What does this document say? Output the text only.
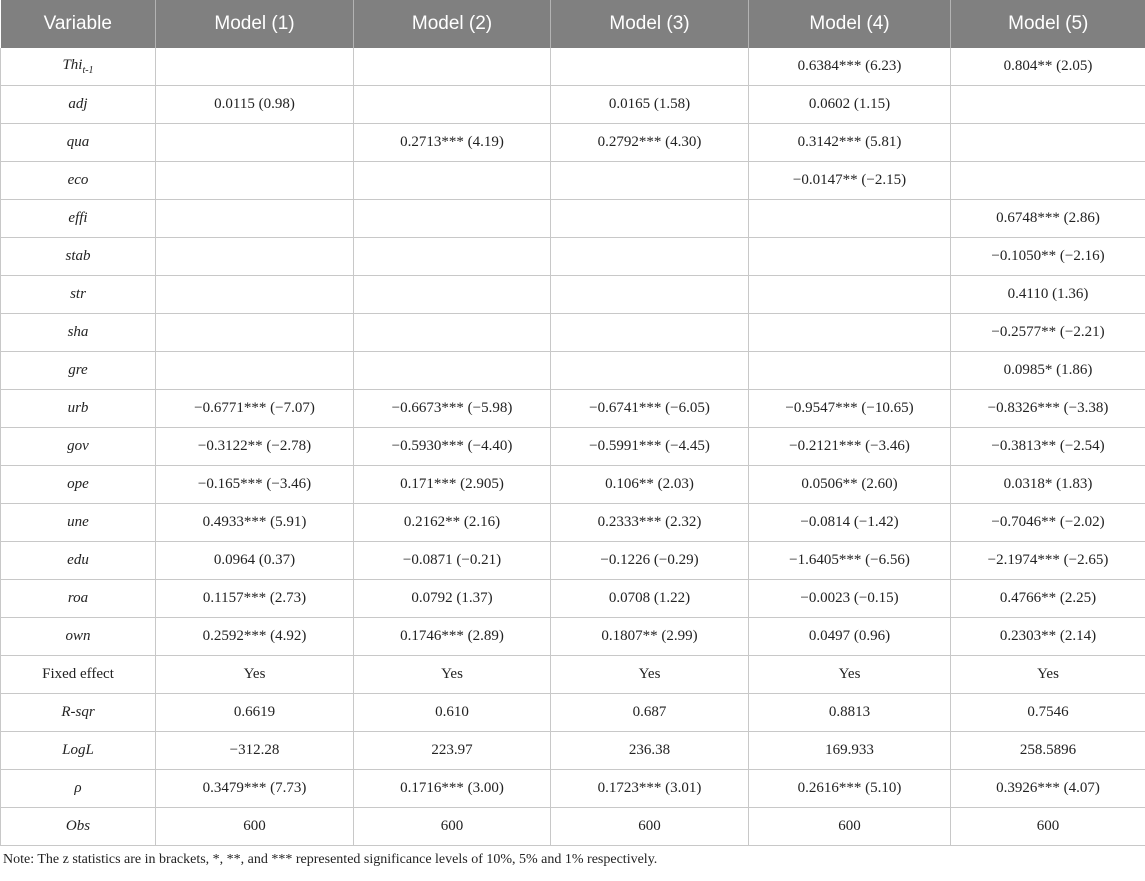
Variable	Model (1)	Model (2)	Model (3)	Model (4)	Model (5)
Thi$_{t-1}$				0.6384*** (6.23)	0.804** (2.05)
adj	0.0115 (0.98)		0.0165 (1.58)	0.0602 (1.15)	
qua		0.2713*** (4.19)	0.2792*** (4.30)	0.3142*** (5.81)	
eco				−0.0147** (−2.15)	
effi					0.6748*** (2.86)
stab					−0.1050** (−2.16)
str					0.4110 (1.36)
sha					−0.2577** (−2.21)
gre					0.0985* (1.86)
urb	−0.6771*** (−7.07)	−0.6673*** (−5.98)	−0.6741*** (−6.05)	−0.9547*** (−10.65)	−0.8326*** (−3.38)
gov	−0.3122** (−2.78)	−0.5930*** (−4.40)	−0.5991*** (−4.45)	−0.2121*** (−3.46)	−0.3813** (−2.54)
ope	−0.165*** (−3.46)	0.171*** (2.905)	0.106** (2.03)	0.0506** (2.60)	0.0318* (1.83)
une	0.4933*** (5.91)	0.2162** (2.16)	0.2333*** (2.32)	−0.0814 (−1.42)	−0.7046** (−2.02)
edu	0.0964 (0.37)	−0.0871 (−0.21)	−0.1226 (−0.29)	−1.6405*** (−6.56)	−2.1974*** (−2.65)
roa	0.1157*** (2.73)	0.0792 (1.37)	0.0708 (1.22)	−0.0023 (−0.15)	0.4766** (2.25)
own	0.2592*** (4.92)	0.1746*** (2.89)	0.1807** (2.99)	0.0497 (0.96)	0.2303** (2.14)
Fixed effect	Yes	Yes	Yes	Yes	Yes
R-sqr	0.6619	0.610	0.687	0.8813	0.7546
LogL	−312.28	223.97	236.38	169.933	258.5896
ρ	0.3479*** (7.73)	0.1716*** (3.00)	0.1723*** (3.01)	0.2616*** (5.10)	0.3926*** (4.07)
Obs	600	600	600	600	600
Note: The z statistics are in brackets, *, **, and *** represented significance levels of 10%, 5% and 1% respectively.
